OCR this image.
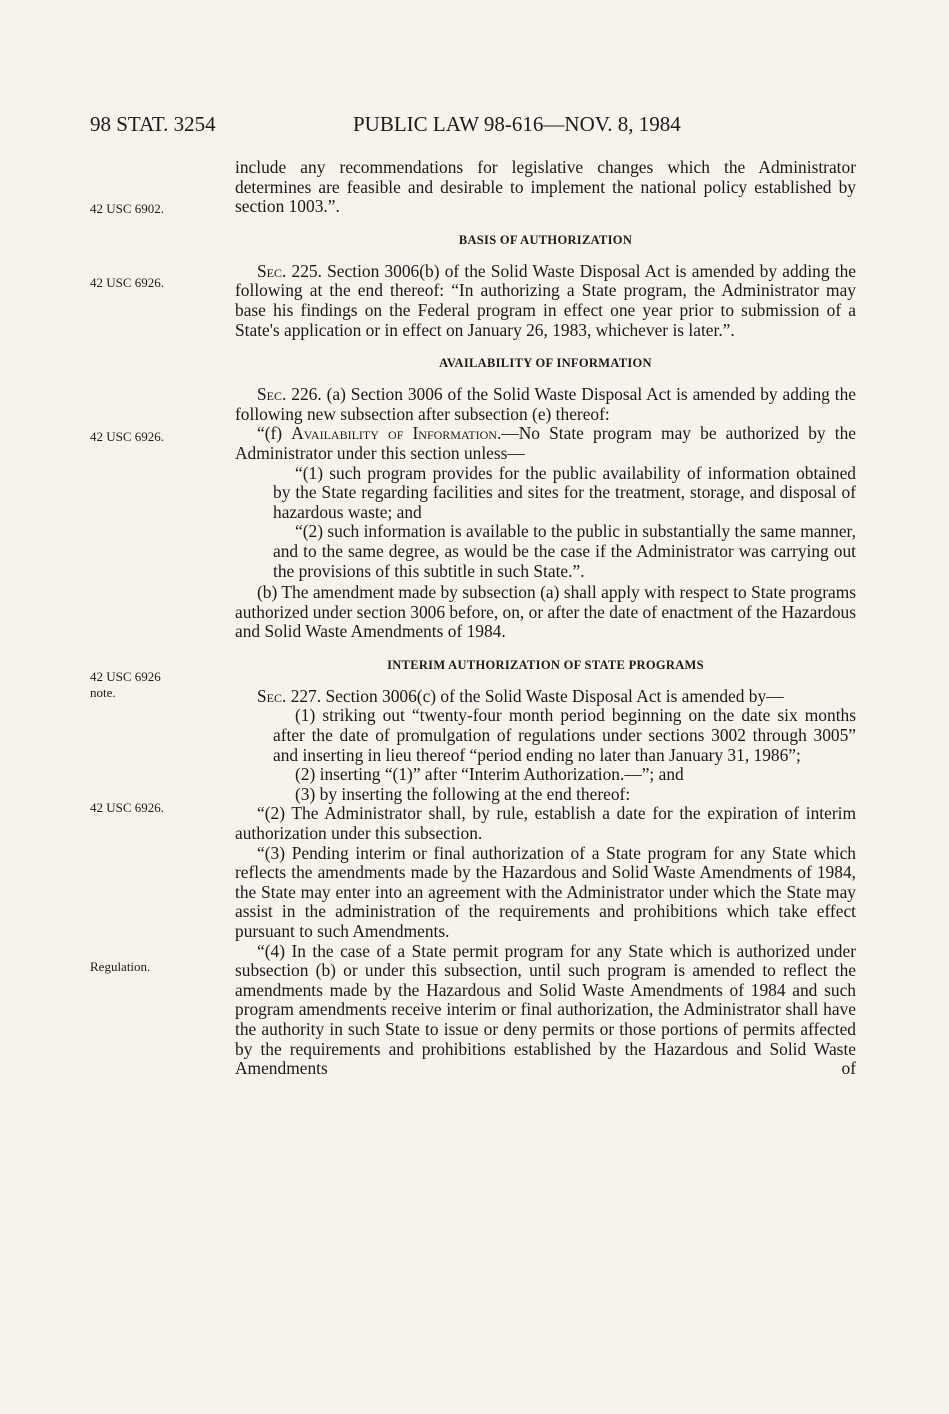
98 STAT. 3254	PUBLIC LAW 98-616—NOV. 8, 1984
42 USC 6902.
42 USC 6926.
42 USC 6926.
42 USC 6926
note.
42 USC 6926.
Regulation.

include any recommendations for legislative changes which the Administrator determines are feasible and desirable to implement the national policy established by section 1003.”.

BASIS OF AUTHORIZATION

Sec. 225. Section 3006(b) of the Solid Waste Disposal Act is amended by adding the following at the end thereof: “In authorizing a State program, the Administrator may base his findings on the Federal program in effect one year prior to submission of a State's application or in effect on January 26, 1983, whichever is later.”.

AVAILABILITY OF INFORMATION

Sec. 226. (a) Section 3006 of the Solid Waste Disposal Act is amended by adding the following new subsection after subsection (e) thereof:

“(f) Availability of Information.—No State program may be authorized by the Administrator under this section unless—

“(1) such program provides for the public availability of information obtained by the State regarding facilities and sites for the treatment, storage, and disposal of hazardous waste; and

“(2) such information is available to the public in substantially the same manner, and to the same degree, as would be the case if the Administrator was carrying out the provisions of this subtitle in such State.”.

(b) The amendment made by subsection (a) shall apply with respect to State programs authorized under section 3006 before, on, or after the date of enactment of the Hazardous and Solid Waste Amendments of 1984.

INTERIM AUTHORIZATION OF STATE PROGRAMS

Sec. 227. Section 3006(c) of the Solid Waste Disposal Act is amended by—

(1) striking out “twenty-four month period beginning on the date six months after the date of promulgation of regulations under sections 3002 through 3005” and inserting in lieu thereof “period ending no later than January 31, 1986”;

(2) inserting “(1)” after “Interim Authorization.—”; and

(3) by inserting the following at the end thereof:

“(2) The Administrator shall, by rule, establish a date for the expiration of interim authorization under this subsection.

“(3) Pending interim or final authorization of a State program for any State which reflects the amendments made by the Hazardous and Solid Waste Amendments of 1984, the State may enter into an agreement with the Administrator under which the State may assist in the administration of the requirements and prohibitions which take effect pursuant to such Amendments.

“(4) In the case of a State permit program for any State which is authorized under subsection (b) or under this subsection, until such program is amended to reflect the amendments made by the Hazardous and Solid Waste Amendments of 1984 and such program amendments receive interim or final authorization, the Administrator shall have the authority in such State to issue or deny permits or those portions of permits affected by the requirements and prohibitions established by the Hazardous and Solid Waste Amendments of
